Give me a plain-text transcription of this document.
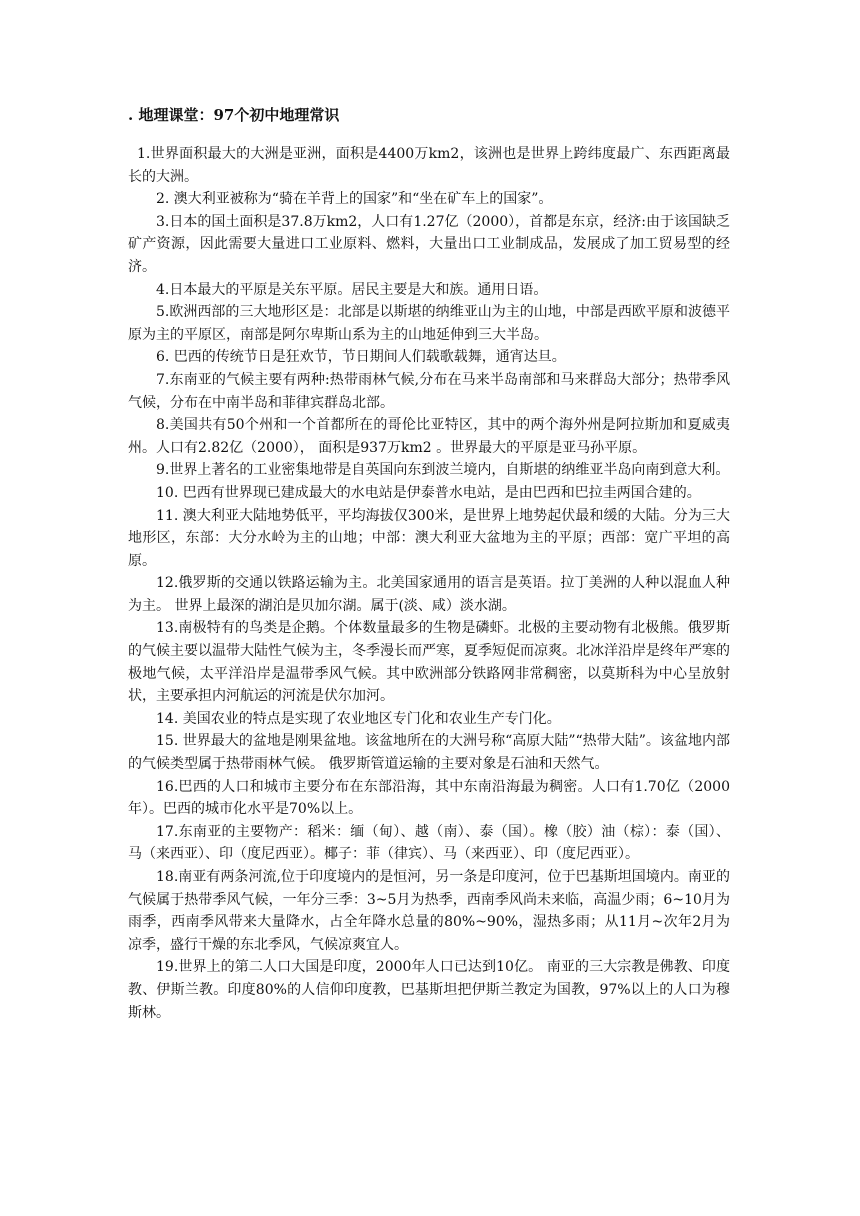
. 地理课堂：97个初中地理常识

1.世界面积最大的大洲是亚洲，面积是4400万km2，该洲也是世界上跨纬度最广、东西距离最长的大洲。

2. 澳大利亚被称为“骑在羊背上的国家”和“坐在矿车上的国家”。

3.日本的国土面积是37.8万km2，人口有1.27亿（2000），首都是东京，经济:由于该国缺乏矿产资源，因此需要大量进口工业原料、燃料，大量出口工业制成品，发展成了加工贸易型的经济。

4.日本最大的平原是关东平原。居民主要是大和族。通用日语。

5.欧洲西部的三大地形区是：北部是以斯堪的纳维亚山为主的山地，中部是西欧平原和波德平原为主的平原区，南部是阿尔卑斯山系为主的山地延伸到三大半岛。

6. 巴西的传统节日是狂欢节，节日期间人们载歌载舞，通宵达旦。

7.东南亚的气候主要有两种:热带雨林气候,分布在马来半岛南部和马来群岛大部分；热带季风气候，分布在中南半岛和菲律宾群岛北部。

8.美国共有50个州和一个首都所在的哥伦比亚特区，其中的两个海外州是阿拉斯加和夏威夷州。人口有2.82亿（2000）， 面积是937万km2 。世界最大的平原是亚马孙平原。

9.世界上著名的工业密集地带是自英国向东到波兰境内，自斯堪的纳维亚半岛向南到意大利。

10. 巴西有世界现已建成最大的水电站是伊泰普水电站，是由巴西和巴拉圭两国合建的。

11. 澳大利亚大陆地势低平，平均海拔仅300米，是世界上地势起伏最和缓的大陆。分为三大地形区，东部：大分水岭为主的山地；中部：澳大利亚大盆地为主的平原；西部：宽广平坦的高原。

12.俄罗斯的交通以铁路运输为主。北美国家通用的语言是英语。拉丁美洲的人种以混血人种为主。 世界上最深的湖泊是贝加尔湖。属于(淡、咸）淡水湖。

13.南极特有的鸟类是企鹅。个体数量最多的生物是磷虾。北极的主要动物有北极熊。俄罗斯的气候主要以温带大陆性气候为主，冬季漫长而严寒，夏季短促而凉爽。北冰洋沿岸是终年严寒的极地气候，太平洋沿岸是温带季风气候。其中欧洲部分铁路网非常稠密，以莫斯科为中心呈放射状，主要承担内河航运的河流是伏尔加河。

14. 美国农业的特点是实现了农业地区专门化和农业生产专门化。

15. 世界最大的盆地是刚果盆地。该盆地所在的大洲号称“高原大陆”“热带大陆”。该盆地内部的气候类型属于热带雨林气候。 俄罗斯管道运输的主要对象是石油和天然气。

16.巴西的人口和城市主要分布在东部沿海，其中东南沿海最为稠密。人口有1.70亿（2000年）。巴西的城市化水平是70%以上。

17.东南亚的主要物产：稻米：缅（甸）、越（南）、泰（国）。橡（胶）油（棕）：泰（国）、马（来西亚）、印（度尼西亚）。椰子：菲（律宾）、马（来西亚）、印（度尼西亚）。

18.南亚有两条河流,位于印度境内的是恒河，另一条是印度河，位于巴基斯坦国境内。南亚的气候属于热带季风气候，一年分三季：3~5月为热季，西南季风尚未来临，高温少雨；6~10月为雨季，西南季风带来大量降水，占全年降水总量的80%~90%，湿热多雨；从11月~次年2月为凉季，盛行干燥的东北季风，气候凉爽宜人。

19.世界上的第二人口大国是印度，2000年人口已达到10亿。 南亚的三大宗教是佛教、印度教、伊斯兰教。印度80%的人信仰印度教，巴基斯坦把伊斯兰教定为国教，97%以上的人口为穆斯林。
